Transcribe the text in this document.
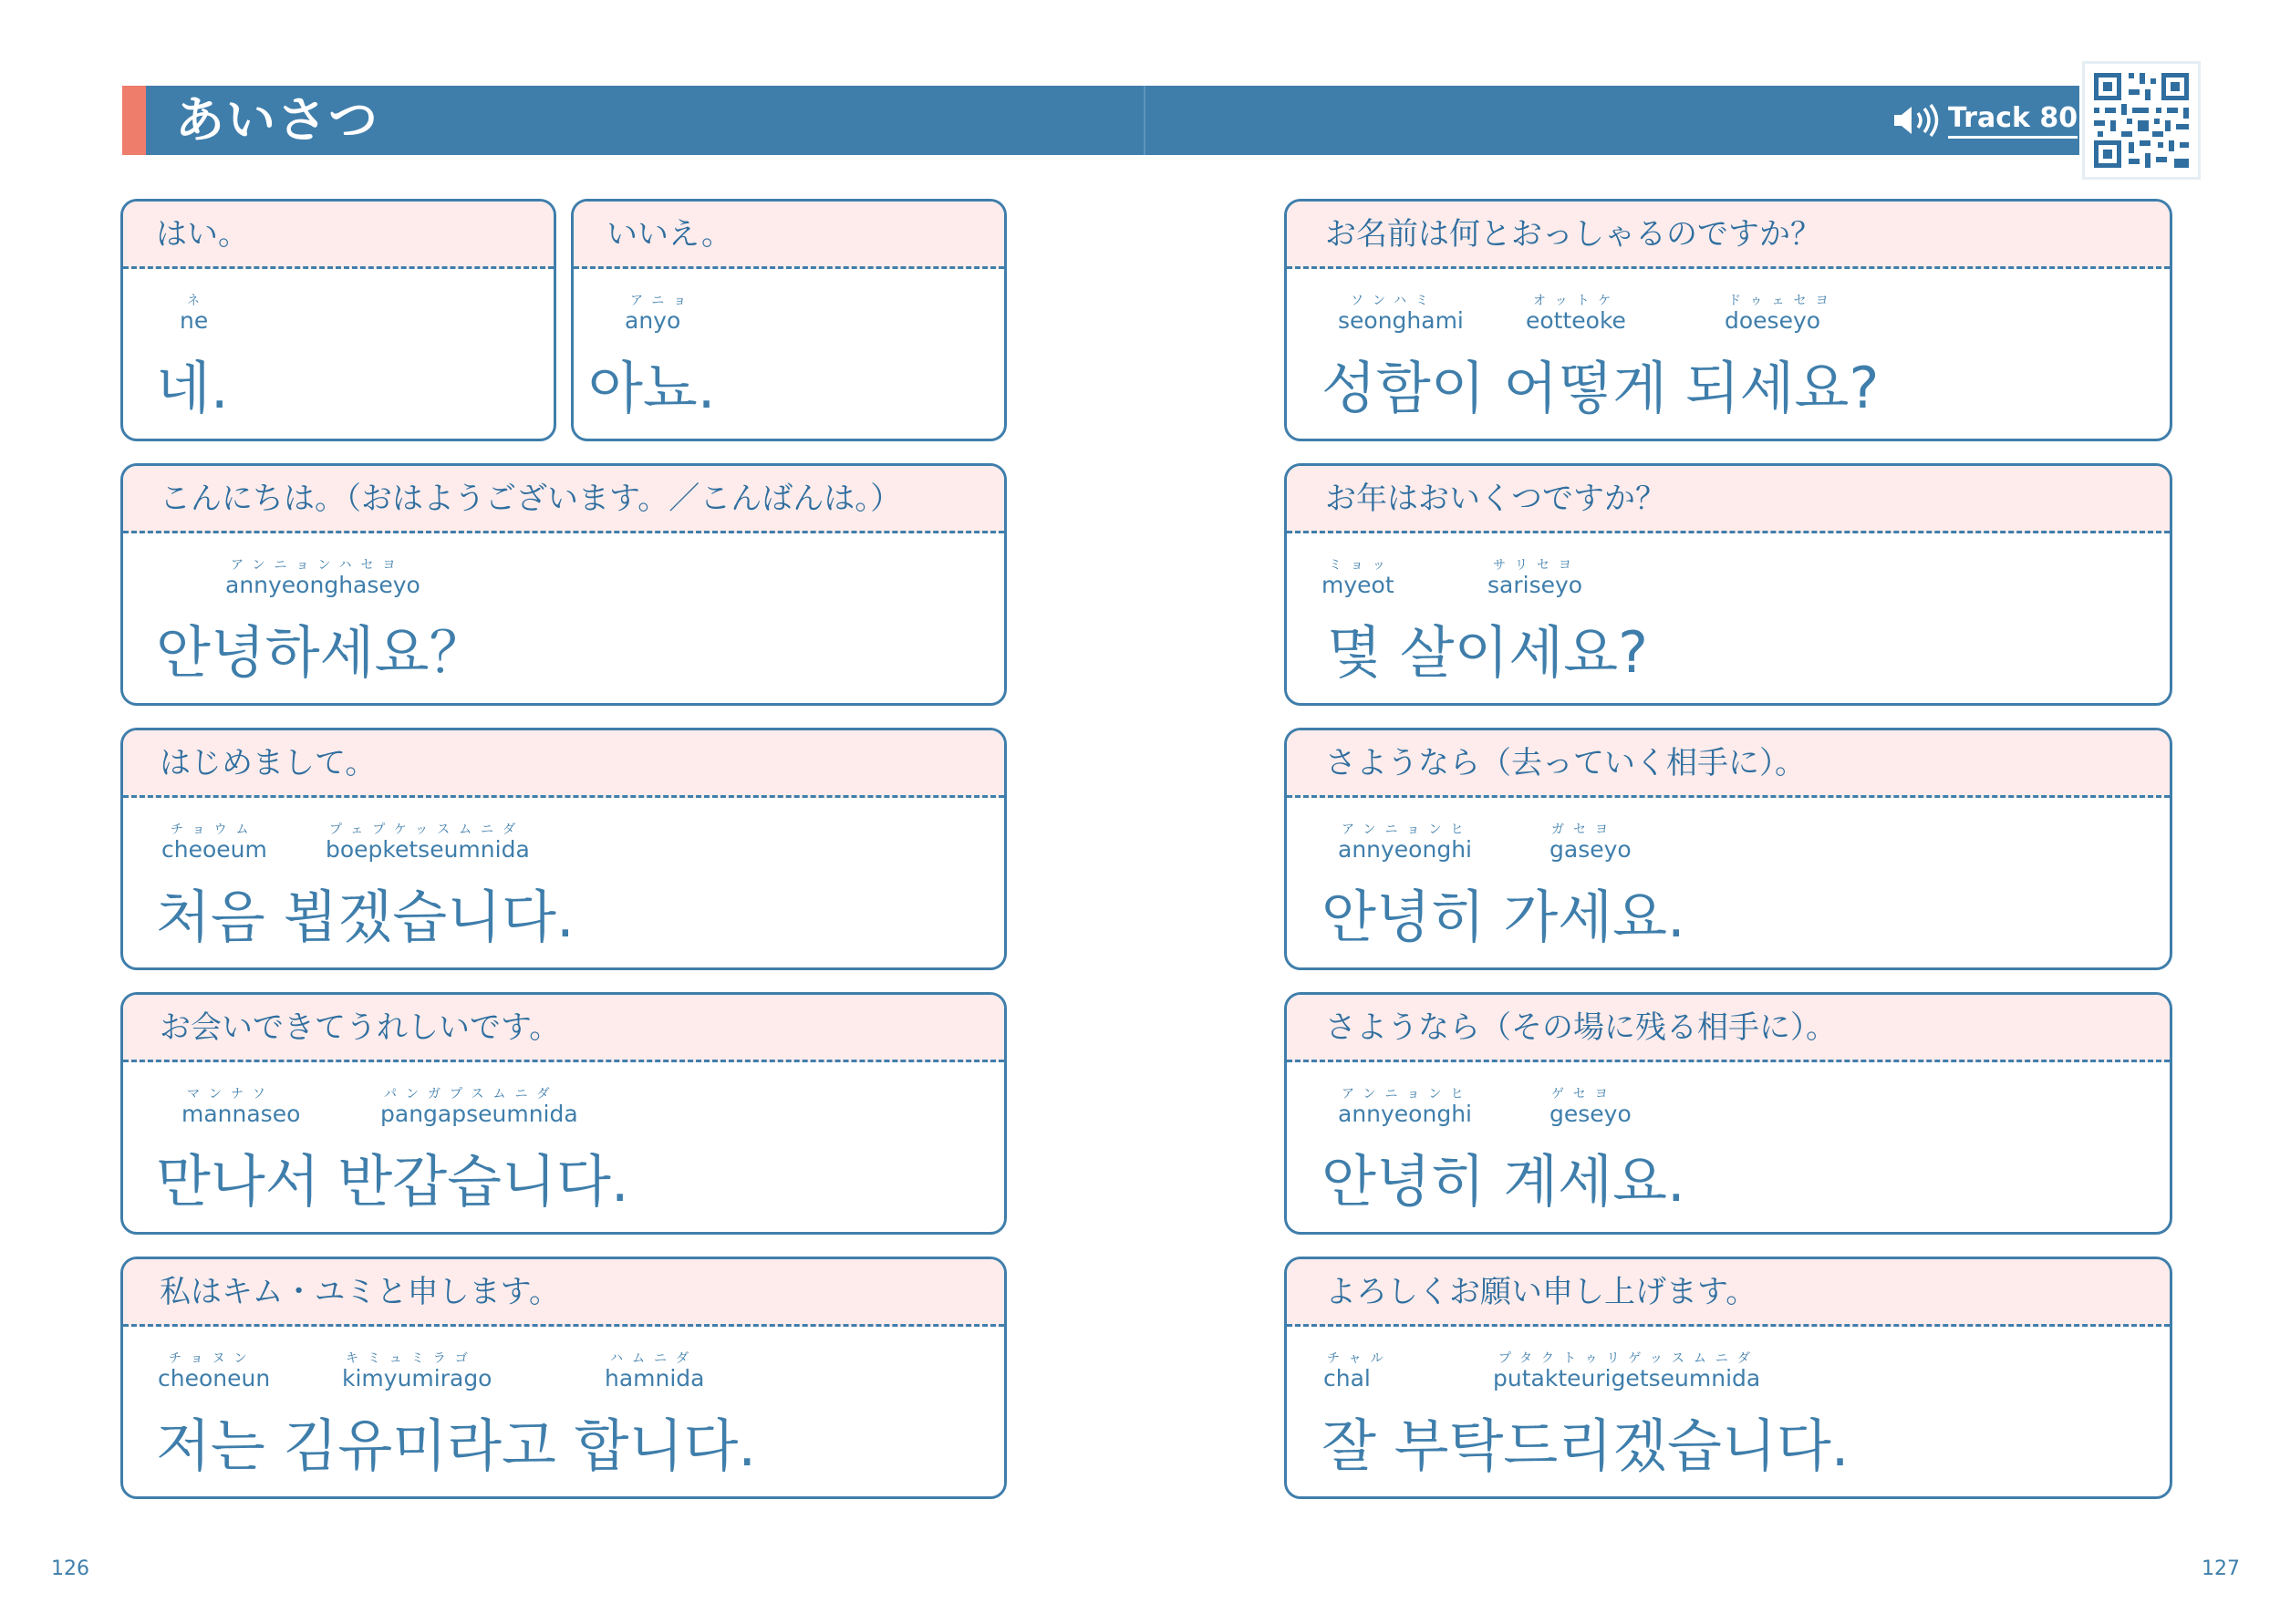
あいさつ	Track 80
はい。
ネ
ne
네.
いいえ。
アニョ
anyo
아뇨.
こんにちは。（おはようございます。／こんばんは。）
アンニョンハセヨ
annyeonghaseyo
안녕하세요？
はじめまして。
チョウム
cheoeum
プェプケッスムニダ
boepketseumnida
처음 뵙겠습니다.
お会いできてうれしいです。
マンナソ
mannaseo
パンガプスムニダ
pangapseumnida
만나서 반갑습니다.
私はキム・ユミと申します。
チョヌン
cheoneun
キミュミラゴ
kimyumirago
ハムニダ
hamnida
저는 김유미라고 합니다.
お名前は何とおっしゃるのですか？
ソンハミ
seonghami
オットケ
eotteoke
ドゥェセヨ
doeseyo
성함이 어떻게 되세요?
お年はおいくつですか？
ミョッ
myeot
サリセヨ
sariseyo
몇 살이세요?
さようなら（去っていく相手に）。
アンニョンヒ
annyeonghi
ガセヨ
gaseyo
안녕히 가세요.
さようなら（その場に残る相手に）。
アンニョンヒ
annyeonghi
ゲセヨ
geseyo
안녕히 계세요.
よろしくお願い申し上げます。
チャル
chal
プタクトゥリゲッスムニダ
putakteurigetseumnida
잘 부탁드리겠습니다.
126	127
